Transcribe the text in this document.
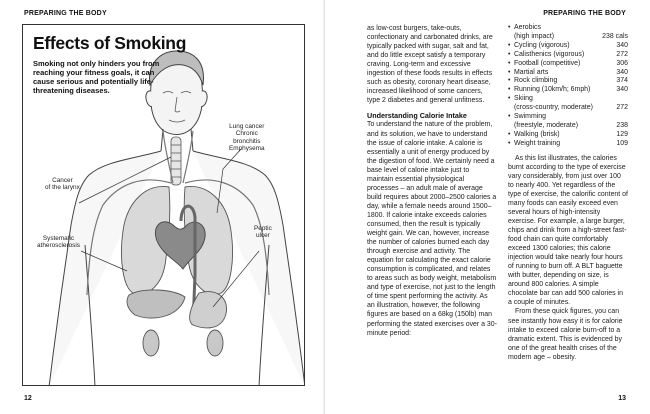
PREPARING THE BODY
Effects of Smoking
Smoking not only hinders you from reaching your fitness goals, it can cause serious and potentially life-threatening diseases.
Lung cancer
Chronic
bronchitis
Emphysema
Cancer
of the larynx
Peptic
ulcer
Systematic
atherosclerosis
12
PREPARING THE BODY

as low-cost burgers, take-outs, confectionary and carbonated drinks, are typically packed with sugar, salt and fat, and do little except satisfy a temporary craving. Long-term and excessive ingestion of these foods results in effects such as obesity, coronary heart disease, increased likelihood of some cancers, type 2 diabetes and general unfitness.

Understanding Calorie Intake

To understand the nature of the problem, and its solution, we have to understand the issue of calorie intake. A calorie is essentially a unit of energy produced by the digestion of food. We certainly need a base level of calorie intake just to maintain essential physiological processes – an adult male of average build requires about 2000–2500 calories a day, while a female needs around 1500–1800. If calorie intake exceeds calories consumed, then the result is typically weight gain. We can, however, increase the number of calories burned each day through exercise and activity. The equation for calculating the exact calorie consumption is complicated, and relates to areas such as body weight, metabolism and type of exercise, not just to the length of time spent performing the activity. As an illustration, however, the following figures are based on a 68kg (150lb) man performing the stated exercises over a 30-minute period:

• Aerobics
(high impact)	238 cals
• Cycling (vigorous)	340
• Calisthenics (vigorous)	272
• Football (competitive)	306
• Martial arts	340
• Rock climbing	374
• Running (10km/h; 6mph)	340
• Skiing
(cross-country, moderate)	272
• Swimming
(freestyle, moderate)	238
• Walking (brisk)	129
• Weight training	109

As this list illustrates, the calories burnt according to the type of exercise vary considerably, from just over 100 to nearly 400. Yet regardless of the type of exercise, the calorific content of many foods can easily exceed even several hours of high-intensity exercise. For example, a large burger, chips and drink from a high-street fast-food chain can quite comfortably exceed 1300 calories; this calorie injection would take nearly four hours of running to burn off. A BLT baguette with butter, depending on size, is around 800 calories. A simple chocolate bar can add 500 calories in a couple of minutes.

From these quick figures, you can see instantly how easy it is for calorie intake to exceed calorie burn-off to a dramatic extent. This is evidenced by one of the great health crises of the modern age – obesity.

13
